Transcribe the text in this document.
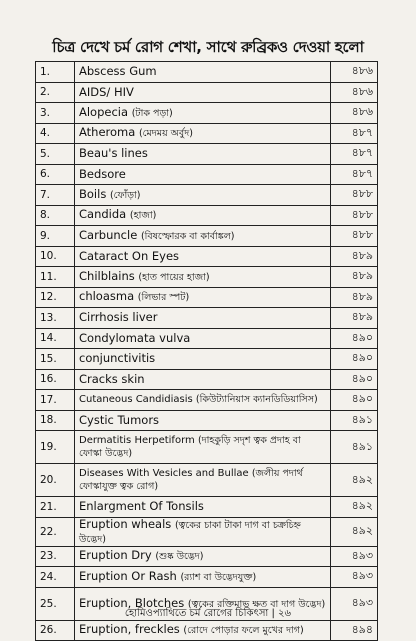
চিত্র দেখে চর্ম রোগ শেখা, সাথে রুব্রিকও দেওয়া হলো
1.	Abscess Gum	৪৮৬
2.	AIDS/ HIV	৪৮৬
3.	Alopecia (টাক পড়া)	৪৮৬
4.	Atheroma (মেদময় অর্বুদ)	৪৮৭
5.	Beau's lines	৪৮৭
6.	Bedsore	৪৮৭
7.	Boils (ফোঁড়া)	৪৮৮
8.	Candida (হাজা)	৪৮৮
9.	Carbuncle (বিষস্ফোরক বা কার্বাঙ্কল)	৪৮৮
10.	Cataract On Eyes	৪৮৯
11.	Chilblains (হাত পায়ের হাজা)	৪৮৯
12.	chloasma (লিভার স্পট)	৪৮৯
13.	Cirrhosis liver	৪৮৯
14.	Condylomata vulva	৪৯০
15.	conjunctivitis	৪৯০
16.	Cracks skin	৪৯০
17.	Cutaneous Candidiasis (কিউট্যানিয়াস ক্যানডিডিয়াসিস)	৪৯০
18.	Cystic Tumors	৪৯১
19.	Dermatitis Herpetiform (দাহকুড়ি সদৃশ ত্বক প্রদাহ বা ফোস্কা উদ্ভেদ)	৪৯১
20.	Diseases With Vesicles and Bullae (জলীয় পদার্থ ফোস্কাযুক্ত ত্বক রোগ)	৪৯২
21.	Enlargment Of Tonsils	৪৯২
22.	Eruption wheals (ত্বকের চাকা টাকা দাগ বা চক্রচিহ্ন উদ্ভেদ)	৪৯২
23.	Eruption Dry (শুষ্ক উদ্ভেদ)	৪৯৩
24.	Eruption Or Rash (র‍্যাশ বা উদ্ভেদযুক্ত)	৪৯৩
25.	Eruption, Blotches (ত্বকের রক্তিমাভ ক্ষত বা দাগ উদ্ভেদ)	৪৯৩
26.	Eruption, freckles (রোদে পোড়ার ফলে মুখের দাগ)	৪৯৪
হোমিওপ্যাথিতে চর্ম রোগের চিকিৎসা | ২৬
